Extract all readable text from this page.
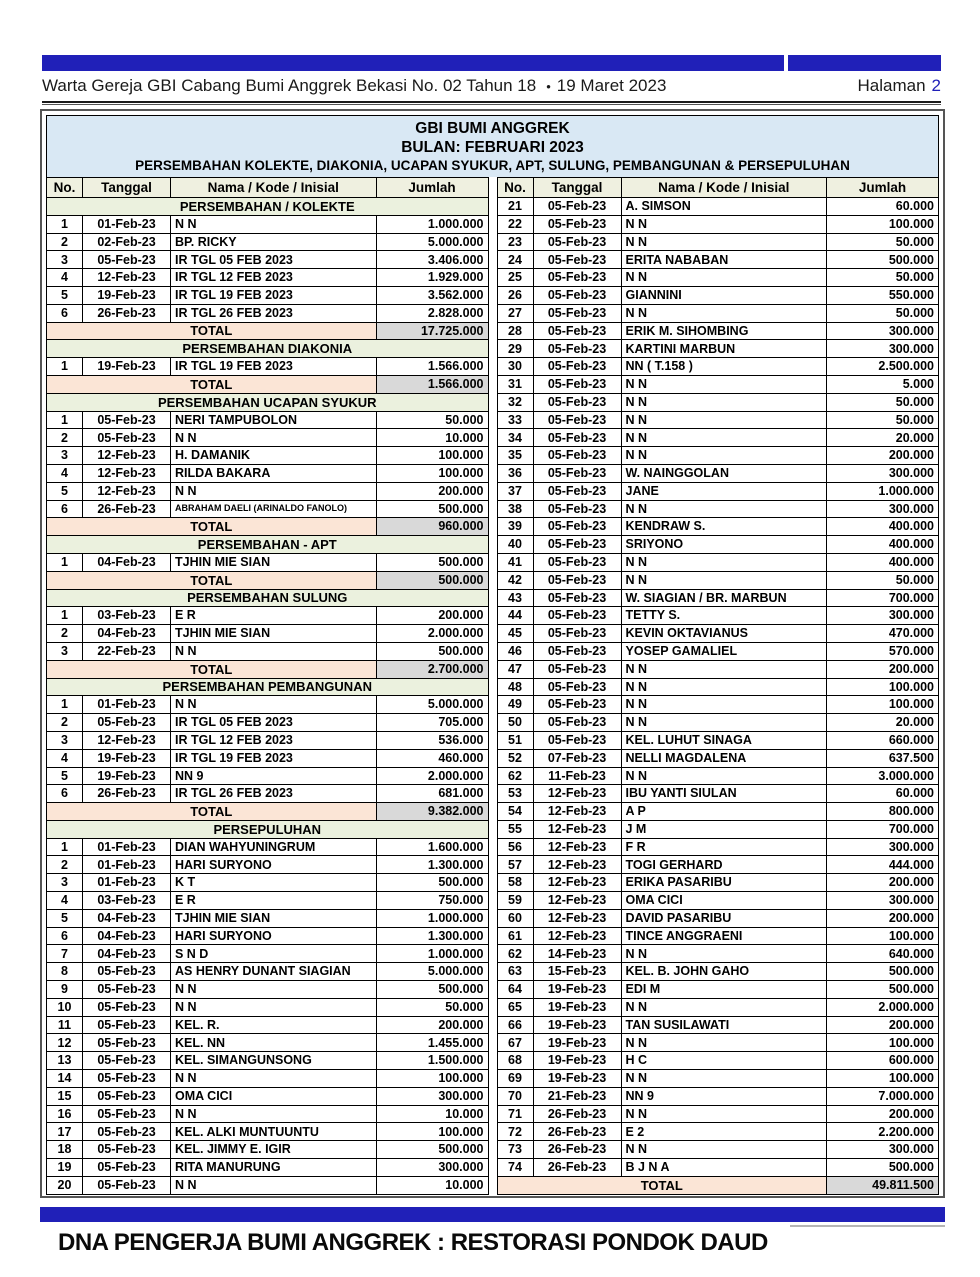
Warta Gereja GBI Cabang Bumi Anggrek Bekasi No. 02 Tahun 18 • 19 Maret 2023	Halaman 2
GBI BUMI ANGGREK
BULAN: FEBRUARI 2023
PERSEMBAHAN KOLEKTE, DIAKONIA, UCAPAN SYUKUR, APT, SULUNG, PEMBANGUNAN & PERSEPULUHAN
No.	Tanggal	Nama / Kode / Inisial	Jumlah
PERSEMBAHAN / KOLEKTE			
1	01-Feb-23	N N	1.000.000
2	02-Feb-23	BP. RICKY	5.000.000
3	05-Feb-23	IR TGL 05 FEB 2023	3.406.000
4	12-Feb-23	IR TGL 12 FEB 2023	1.929.000
5	19-Feb-23	IR TGL 19 FEB 2023	3.562.000
6	26-Feb-23	IR TGL 26 FEB 2023	2.828.000
TOTAL			17.725.000
PERSEMBAHAN DIAKONIA			
1	19-Feb-23	IR TGL 19 FEB 2023	1.566.000
TOTAL			1.566.000
PERSEMBAHAN UCAPAN SYUKUR			
1	05-Feb-23	NERI TAMPUBOLON	50.000
2	05-Feb-23	N N	10.000
3	12-Feb-23	H. DAMANIK	100.000
4	12-Feb-23	RILDA BAKARA	100.000
5	12-Feb-23	N N	200.000
6	26-Feb-23	ABRAHAM DAELI (ARINALDO FANOLO)	500.000
TOTAL			960.000
PERSEMBAHAN - APT			
1	04-Feb-23	TJHIN MIE SIAN	500.000
TOTAL			500.000
PERSEMBAHAN SULUNG			
1	03-Feb-23	E R	200.000
2	04-Feb-23	TJHIN MIE SIAN	2.000.000
3	22-Feb-23	N N	500.000
TOTAL			2.700.000
PERSEMBAHAN PEMBANGUNAN			
1	01-Feb-23	N N	5.000.000
2	05-Feb-23	IR TGL 05 FEB 2023	705.000
3	12-Feb-23	IR TGL 12 FEB 2023	536.000
4	19-Feb-23	IR TGL 19 FEB 2023	460.000
5	19-Feb-23	NN 9	2.000.000
6	26-Feb-23	IR TGL 26 FEB 2023	681.000
TOTAL			9.382.000
PERSEPULUHAN			
1	01-Feb-23	DIAN WAHYUNINGRUM	1.600.000
2	01-Feb-23	HARI SURYONO	1.300.000
3	01-Feb-23	K T	500.000
4	03-Feb-23	E R	750.000
5	04-Feb-23	TJHIN MIE SIAN	1.000.000
6	04-Feb-23	HARI SURYONO	1.300.000
7	04-Feb-23	S N D	1.000.000
8	05-Feb-23	AS HENRY DUNANT SIAGIAN	5.000.000
9	05-Feb-23	N N	500.000
10	05-Feb-23	N N	50.000
11	05-Feb-23	KEL. R.	200.000
12	05-Feb-23	KEL. NN	1.455.000
13	05-Feb-23	KEL. SIMANGUNSONG	1.500.000
14	05-Feb-23	N N	100.000
15	05-Feb-23	OMA CICI	300.000
16	05-Feb-23	N N	10.000
17	05-Feb-23	KEL. ALKI MUNTUUNTU	100.000
18	05-Feb-23	KEL. JIMMY E. IGIR	500.000
19	05-Feb-23	RITA MANURUNG	300.000
20	05-Feb-23	N N	10.000
No.	Tanggal	Nama / Kode / Inisial	Jumlah
21	05-Feb-23	A. SIMSON	60.000
22	05-Feb-23	N N	100.000
23	05-Feb-23	N N	50.000
24	05-Feb-23	ERITA NABABAN	500.000
25	05-Feb-23	N N	50.000
26	05-Feb-23	GIANNINI	550.000
27	05-Feb-23	N N	50.000
28	05-Feb-23	ERIK M. SIHOMBING	300.000
29	05-Feb-23	KARTINI MARBUN	300.000
30	05-Feb-23	NN ( T.158 )	2.500.000
31	05-Feb-23	N N	5.000
32	05-Feb-23	N N	50.000
33	05-Feb-23	N N	50.000
34	05-Feb-23	N N	20.000
35	05-Feb-23	N N	200.000
36	05-Feb-23	W. NAINGGOLAN	300.000
37	05-Feb-23	JANE	1.000.000
38	05-Feb-23	N N	300.000
39	05-Feb-23	KENDRAW S.	400.000
40	05-Feb-23	SRIYONO	400.000
41	05-Feb-23	N N	400.000
42	05-Feb-23	N N	50.000
43	05-Feb-23	W. SIAGIAN / BR. MARBUN	700.000
44	05-Feb-23	TETTY S.	300.000
45	05-Feb-23	KEVIN OKTAVIANUS	470.000
46	05-Feb-23	YOSEP GAMALIEL	570.000
47	05-Feb-23	N N	200.000
48	05-Feb-23	N N	100.000
49	05-Feb-23	N N	100.000
50	05-Feb-23	N N	20.000
51	05-Feb-23	KEL. LUHUT SINAGA	660.000
52	07-Feb-23	NELLI MAGDALENA	637.500
62	11-Feb-23	N N	3.000.000
53	12-Feb-23	IBU YANTI SIULAN	60.000
54	12-Feb-23	A P	800.000
55	12-Feb-23	J M	700.000
56	12-Feb-23	F R	300.000
57	12-Feb-23	TOGI GERHARD	444.000
58	12-Feb-23	ERIKA PASARIBU	200.000
59	12-Feb-23	OMA CICI	300.000
60	12-Feb-23	DAVID PASARIBU	200.000
61	12-Feb-23	TINCE ANGGRAENI	100.000
62	14-Feb-23	N N	640.000
63	15-Feb-23	KEL. B. JOHN GAHO	500.000
64	19-Feb-23	EDI M	500.000
65	19-Feb-23	N N	2.000.000
66	19-Feb-23	TAN SUSILAWATI	200.000
67	19-Feb-23	N N	100.000
68	19-Feb-23	H C	600.000
69	19-Feb-23	N N	100.000
70	21-Feb-23	NN 9	7.000.000
71	26-Feb-23	N N	200.000
72	26-Feb-23	E 2	2.200.000
73	26-Feb-23	N N	300.000
74	26-Feb-23	B J N A	500.000
TOTAL			49.811.500
DNA PENGERJA BUMI ANGGREK : RESTORASI PONDOK DAUD
